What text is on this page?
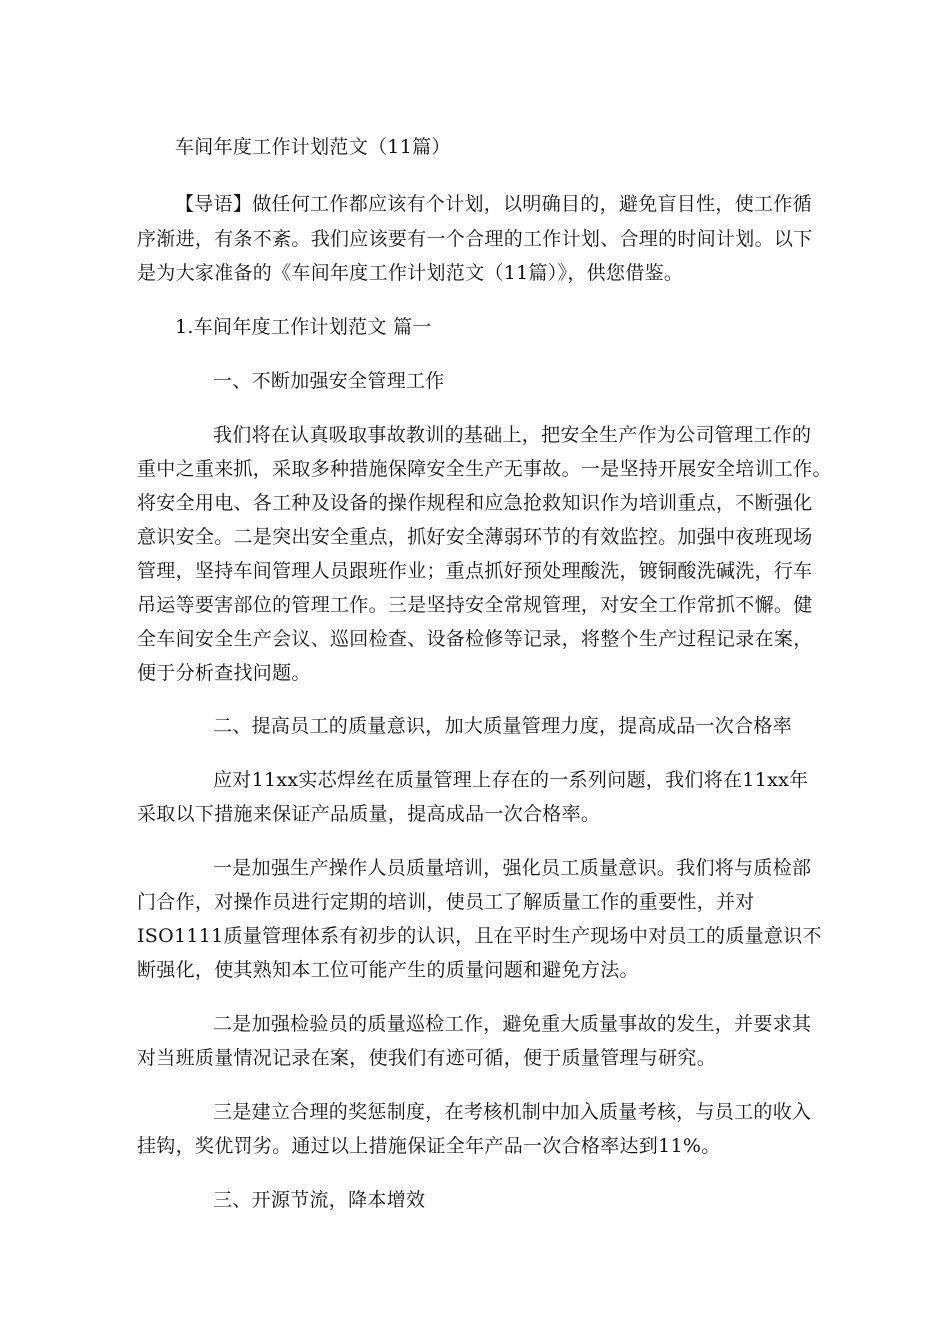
车间年度工作计划范文（11篇）
【导语】做任何工作都应该有个计划，以明确目的，避免盲目性，使工作循
序渐进，有条不紊。我们应该要有一个合理的工作计划、合理的时间计划。以下
是为大家准备的《车间年度工作计划范文（11篇）》，供您借鉴。
1.车间年度工作计划范文 篇一
一、不断加强安全管理工作
我们将在认真吸取事故教训的基础上，把安全生产作为公司管理工作的
重中之重来抓，采取多种措施保障安全生产无事故。一是坚持开展安全培训工作。
将安全用电、各工种及设备的操作规程和应急抢救知识作为培训重点，不断强化
意识安全。二是突出安全重点，抓好安全薄弱环节的有效监控。加强中夜班现场
管理，坚持车间管理人员跟班作业；重点抓好预处理酸洗，镀铜酸洗碱洗，行车
吊运等要害部位的管理工作。三是坚持安全常规管理，对安全工作常抓不懈。健
全车间安全生产会议、巡回检查、设备检修等记录，将整个生产过程记录在案，
便于分析查找问题。
二、提高员工的质量意识，加大质量管理力度，提高成品一次合格率
应对11xx实芯焊丝在质量管理上存在的一系列问题，我们将在11xx年
采取以下措施来保证产品质量，提高成品一次合格率。
一是加强生产操作人员质量培训，强化员工质量意识。我们将与质检部
门合作，对操作员进行定期的培训，使员工了解质量工作的重要性，并对
ISO1111质量管理体系有初步的认识，且在平时生产现场中对员工的质量意识不
断强化，使其熟知本工位可能产生的质量问题和避免方法。
二是加强检验员的质量巡检工作，避免重大质量事故的发生，并要求其
对当班质量情况记录在案，使我们有迹可循，便于质量管理与研究。
三是建立合理的奖惩制度，在考核机制中加入质量考核，与员工的收入
挂钩，奖优罚劣。通过以上措施保证全年产品一次合格率达到11%。
三、开源节流，降本增效
